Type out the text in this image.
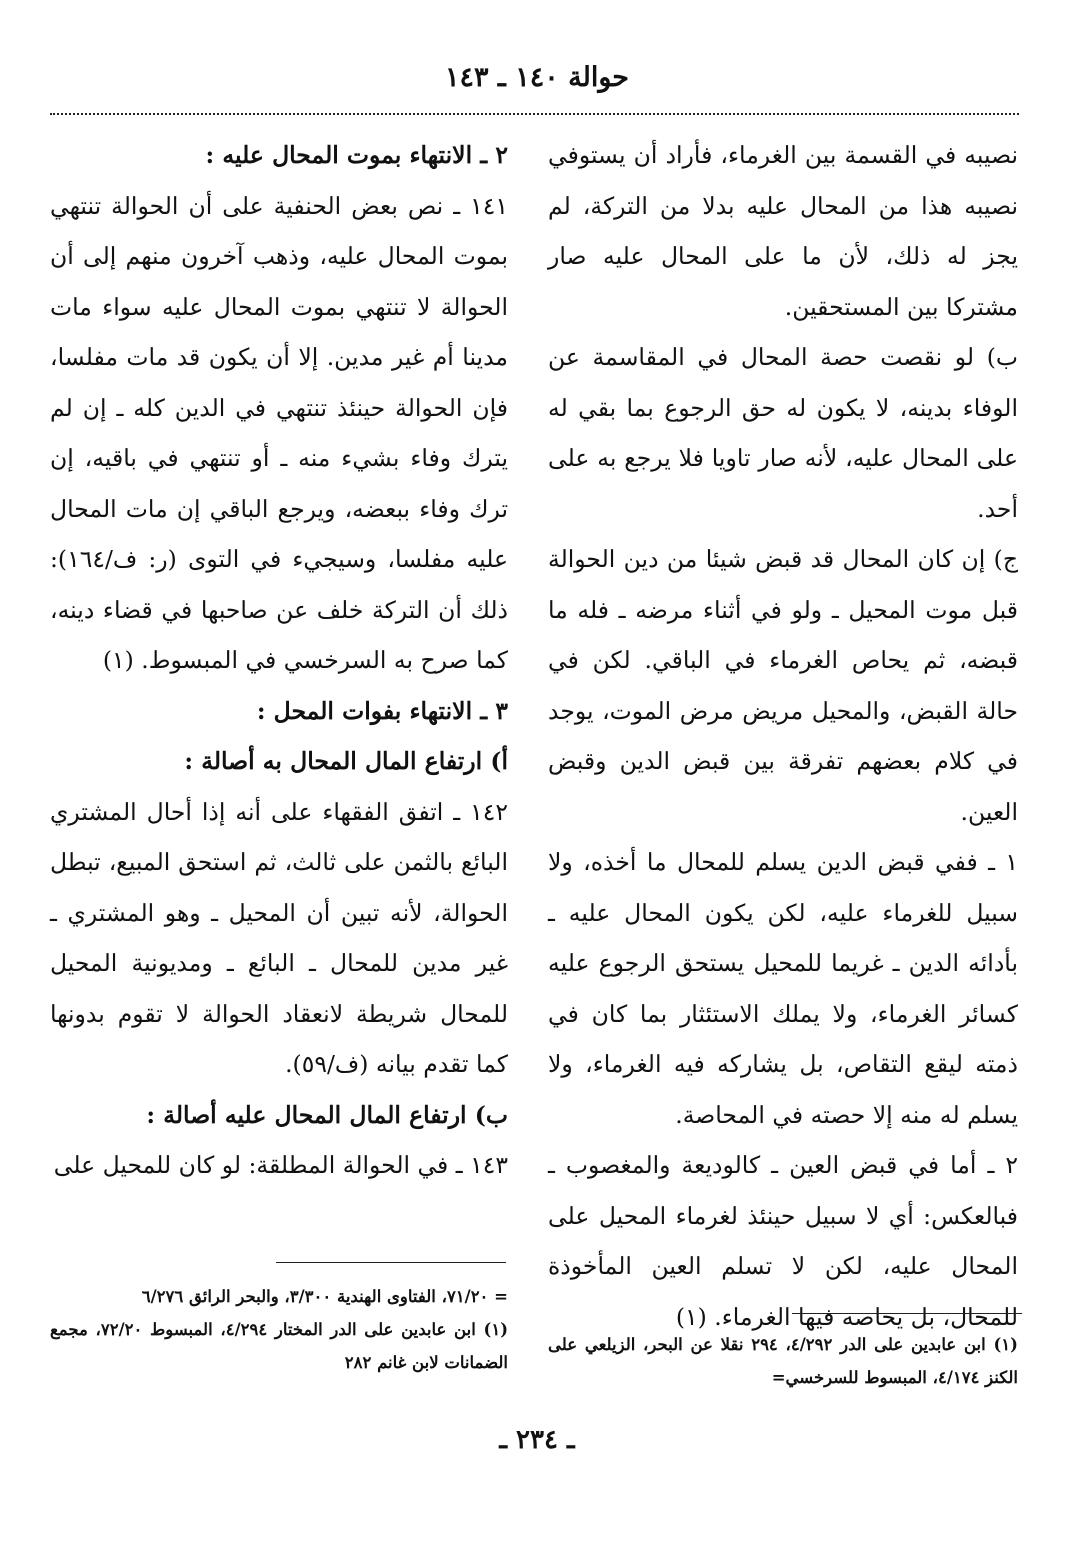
حوالة ١٤٠ ـ ١٤٣

نصيبه في القسمة بين الغرماء، فأراد أن يستوفي نصيبه هذا من المحال عليه بدلا من التركة، لم يجز له ذلك، لأن ما على المحال عليه صار مشتركا بين المستحقين.

ب) لو نقصت حصة المحال في المقاسمة عن الوفاء بدينه، لا يكون له حق الرجوع بما بقي له على المحال عليه، لأنه صار تاويا فلا يرجع به على أحد.

ج) إن كان المحال قد قبض شيئا من دين الحوالة قبل موت المحيل ـ ولو في أثناء مرضه ـ فله ما قبضه، ثم يحاص الغرماء في الباقي. لكن في حالة القبض، والمحيل مريض مرض الموت، يوجد في كلام بعضهم تفرقة بين قبض الدين وقبض العين.

١ ـ ففي قبض الدين يسلم للمحال ما أخذه، ولا سبيل للغرماء عليه، لكن يكون المحال عليه ـ بأدائه الدين ـ غريما للمحيل يستحق الرجوع عليه كسائر الغرماء، ولا يملك الاستئثار بما كان في ذمته ليقع التقاص، بل يشاركه فيه الغرماء، ولا يسلم له منه إلا حصته في المحاصة.

٢ ـ أما في قبض العين ـ كالوديعة والمغصوب ـ فبالعكس: أي لا سبيل حينئذ لغرماء المحيل على المحال عليه، لكن لا تسلم العين المأخوذة للمحال، بل يحاصه فيها الغرماء. (١)

٢ ـ الانتهاء بموت المحال عليه :

١٤١ ـ نص بعض الحنفية على أن الحوالة تنتهي بموت المحال عليه، وذهب آخرون منهم إلى أن الحوالة لا تنتهي بموت المحال عليه سواء مات مدينا أم غير مدين. إلا أن يكون قد مات مفلسا، فإن الحوالة حينئذ تنتهي في الدين كله ـ إن لم يترك وفاء بشيء منه ـ أو تنتهي في باقيه، إن ترك وفاء ببعضه، ويرجع الباقي إن مات المحال عليه مفلسا، وسيجيء في التوى (ر: ف/١٦٤): ذلك أن التركة خلف عن صاحبها في قضاء دينه، كما صرح به السرخسي في المبسوط. (١)

٣ ـ الانتهاء بفوات المحل :

أ) ارتفاع المال المحال به أصالة :

١٤٢ ـ اتفق الفقهاء على أنه إذا أحال المشتري البائع بالثمن على ثالث، ثم استحق المبيع، تبطل الحوالة، لأنه تبين أن المحيل ـ وهو المشتري ـ غير مدين للمحال ـ البائع ـ ومديونية المحيل للمحال شريطة لانعقاد الحوالة لا تقوم بدونها كما تقدم بيانه (ف/٥٩).

ب) ارتفاع المال المحال عليه أصالة :

١٤٣ ـ في الحوالة المطلقة: لو كان للمحيل على

(١) ابن عابدين على الدر ٤/٢٩٢، ٢٩٤ نقلا عن البحر، الزيلعي على الكنز ٤/١٧٤، المبسوط للسرخسي=

= ٧١/٢٠، الفتاوى الهندية ٣/٣٠٠، والبحر الرائق ٦/٢٧٦

(١) ابن عابدين على الدر المختار ٤/٢٩٤، المبسوط ٧٢/٢٠، مجمع الضمانات لابن غانم ٢٨٢

ـ ٢٣٤ ـ
